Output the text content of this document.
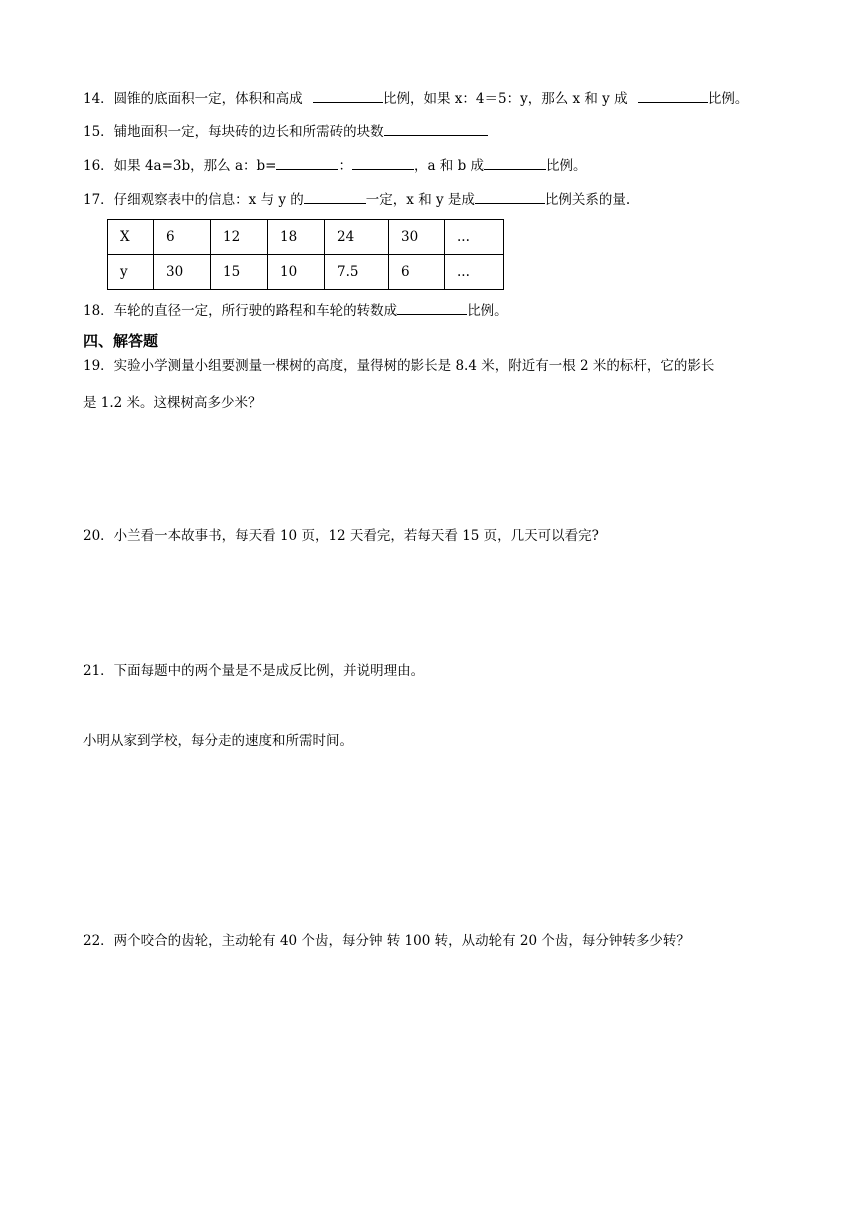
14．圆锥的底面积一定，体积和高成	比例，如果 x：4＝5：y，那么 x 和 y 成	比例。
15．铺地面积一定，每块砖的边长和所需砖的块数
16．如果 4a=3b，那么 a：b=	：	，a 和 b 成	比例。
17．仔细观察表中的信息：x 与 y 的	一定，x 和 y 是成	比例关系的量.
X	6	12	18	24	30	...
y	30	15	10	7.5	6	...
18．车轮的直径一定，所行驶的路程和车轮的转数成	比例。
四、解答题
19．实验小学测量小组要测量一棵树的高度，量得树的影长是 8.4 米，附近有一根 2 米的标杆，它的影长
是 1.2 米。这棵树高多少米？
20．小兰看一本故事书，每天看 10 页，12 天看完，若每天看 15 页，几天可以看完?
21．下面每题中的两个量是不是成反比例，并说明理由。
小明从家到学校，每分走的速度和所需时间。
22．两个咬合的齿轮，主动轮有 40 个齿，每分钟 转 100 转，从动轮有 20 个齿，每分钟转多少转？
